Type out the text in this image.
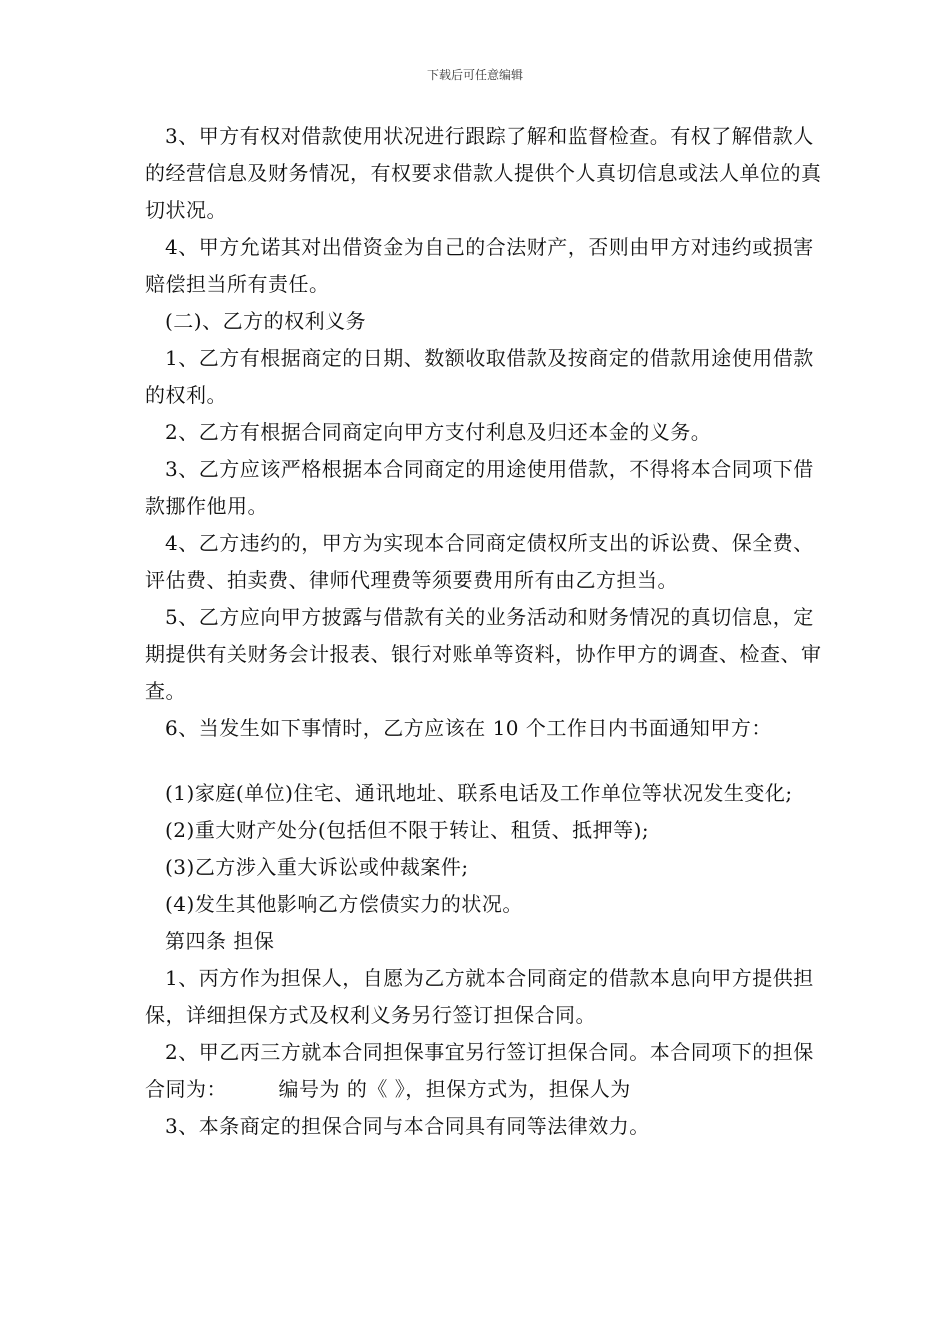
下载后可任意编辑

3、甲方有权对借款使用状况进行跟踪了解和监督检查。有权了解借款人的经营信息及财务情况，有权要求借款人提供个人真切信息或法人单位的真切状况。

4、甲方允诺其对出借资金为自己的合法财产，否则由甲方对违约或损害赔偿担当所有责任。

(二)、乙方的权利义务

1、乙方有根据商定的日期、数额收取借款及按商定的借款用途使用借款的权利。

2、乙方有根据合同商定向甲方支付利息及归还本金的义务。

3、乙方应该严格根据本合同商定的用途使用借款，不得将本合同项下借款挪作他用。

4、乙方违约的，甲方为实现本合同商定债权所支出的诉讼费、保全费、评估费、拍卖费、律师代理费等须要费用所有由乙方担当。

5、乙方应向甲方披露与借款有关的业务活动和财务情况的真切信息，定期提供有关财务会计报表、银行对账单等资料，协作甲方的调查、检查、审查。

6、当发生如下事情时，乙方应该在 10 个工作日内书面通知甲方：

(1)家庭(单位)住宅、通讯地址、联系电话及工作单位等状况发生变化;

(2)重大财产处分(包括但不限于转让、租赁、抵押等);

(3)乙方涉入重大诉讼或仲裁案件;

(4)发生其他影响乙方偿债实力的状况。

第四条 担保

1、丙方作为担保人，自愿为乙方就本合同商定的借款本息向甲方提供担保，详细担保方式及权利义务另行签订担保合同。

2、甲乙丙三方就本合同担保事宜另行签订担保合同。本合同项下的担保合同为：　　　编号为 的《 》，担保方式为，担保人为

3、本条商定的担保合同与本合同具有同等法律效力。
